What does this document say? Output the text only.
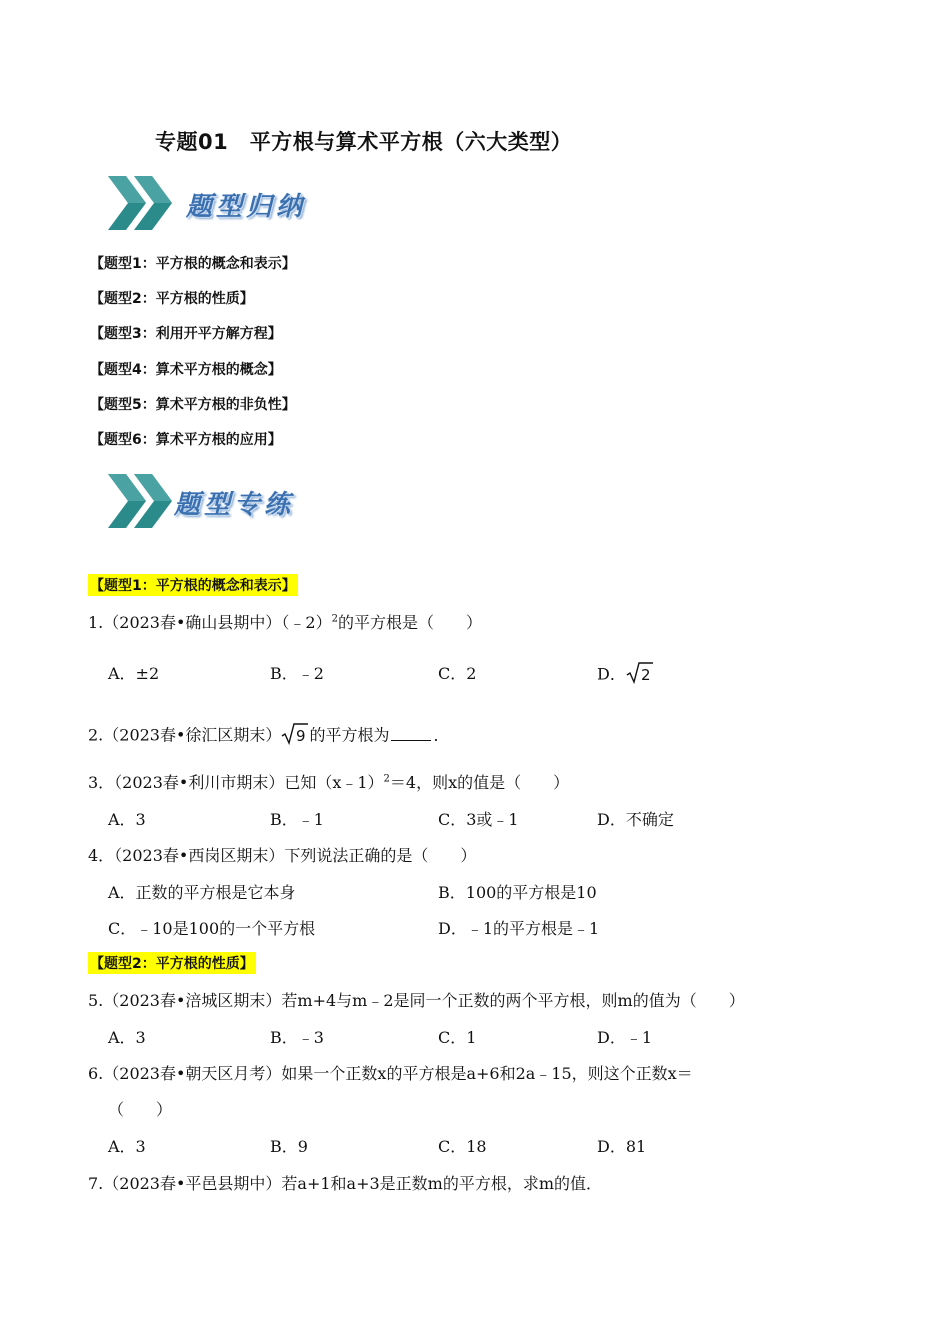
专题01　平方根与算术平方根（六大类型）
题型归纳
【题型1：平方根的概念和表示】
【题型2：平方根的性质】
【题型3：利用开平方解方程】
【题型4：算术平方根的概念】
【题型5：算术平方根的非负性】
【题型6：算术平方根的应用】
题型专练
【题型1：平方根的概念和表示】
1.（2023春•确山县期中）（﹣2）$^2$的平方根是（　　）
A．±2	B．﹣2	C．2	D． 2
2.（2023春•徐汇区期末） 9 的平方根为	．
3．（2023春•利川市期末）已知（x﹣1）$^2$＝4，则x的值是（　　）
A．3	B．﹣1	C．3或﹣1	D．不确定
4．（2023春•西岗区期末）下列说法正确的是（　　）
A．正数的平方根是它本身	B．100的平方根是10
C．﹣10是100的一个平方根	D．﹣1的平方根是﹣1
【题型2：平方根的性质】
5.（2023春•涪城区期末）若m+4与m﹣2是同一个正数的两个平方根，则m的值为（　　）
A．3	B．﹣3	C．1	D．﹣1
6.（2023春•朝天区月考）如果一个正数x的平方根是a+6和2a﹣15，则这个正数x＝
（　　）
A．3	B．9	C．18	D．81
7.（2023春•平邑县期中）若a+1和a+3是正数m的平方根，求m的值．
